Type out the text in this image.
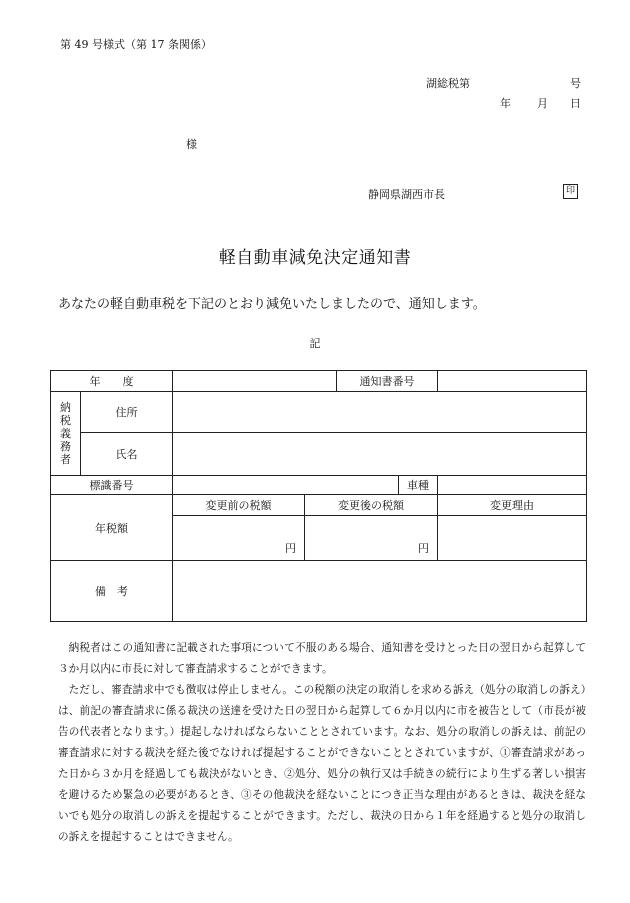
第 49 号様式（第 17 条関係）
湖総税第	号
年 月 日
様
静岡県湖西市長	印
軽自動車減免決定通知書
あなたの軽自動車税を下記のとおり減免いたしましたので、通知します。
記
年　　度				通知書番号		
納
税
義
務
者	住所					
	氏名					
標識番号					車種	
年税額		変更前の税額	変更後の税額			変更理由
		円	円			
備　考						

納税者はこの通知書に記載された事項について不服のある場合、通知書を受けとった日の翌日から起算して３か月以内に市長に対して審査請求することができます。

ただし、審査請求中でも徴収は停止しません。この税額の決定の取消しを求める訴え（処分の取消しの訴え）は、前記の審査請求に係る裁決の送達を受けた日の翌日から起算して６か月以内に市を被告として（市長が被告の代表者となります。）提起しなければならないこととされています。なお、処分の取消しの訴えは、前記の審査請求に対する裁決を経た後でなければ提起することができないこととされていますが、①審査請求があった日から３か月を経過しても裁決がないとき、②処分、処分の執行又は手続きの続行により生ずる著しい損害を避けるため緊急の必要があるとき、③その他裁決を経ないことにつき正当な理由があるときは、裁決を経ないでも処分の取消しの訴えを提起することができます。ただし、裁決の日から１年を経過すると処分の取消しの訴えを提起することはできません。
